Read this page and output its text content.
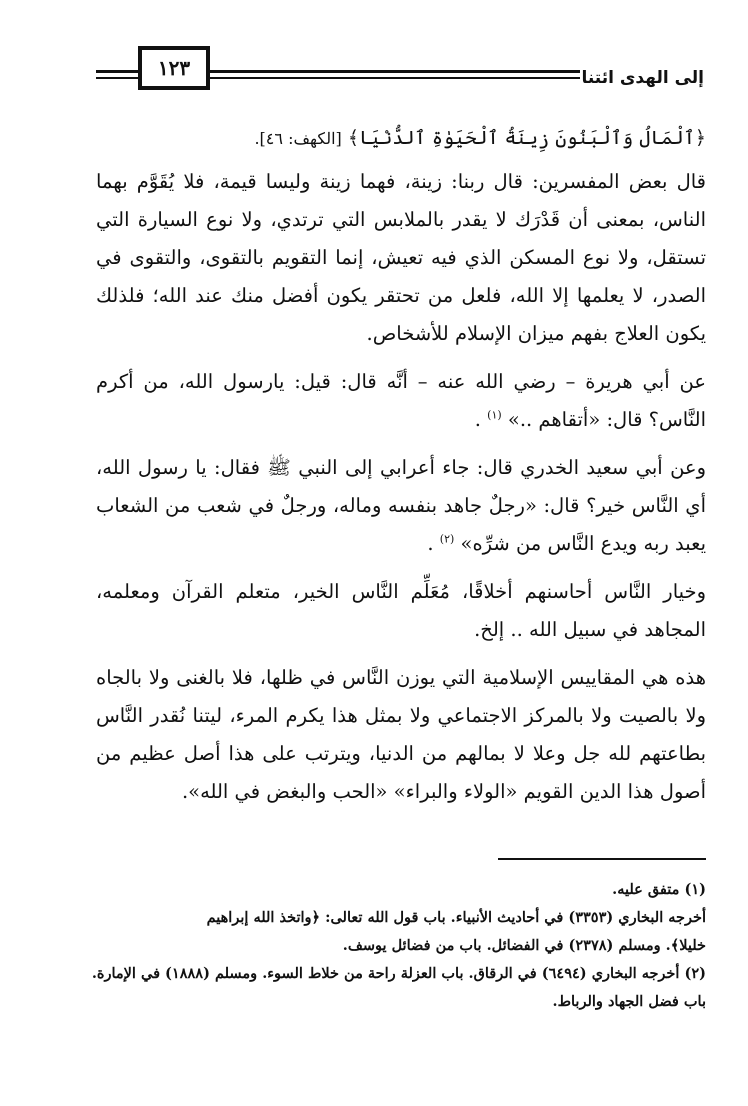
إلى الهدى ائتنا
١٢٣

﴿ٱلْمَالُ وَٱلْبَنُونَ زِينَةُ ٱلْحَيَوٰةِ ٱلدُّنْيَا﴾ [الكهف: ٤٦].

قال بعض المفسرين: قال ربنا: زينة، فهما زينة وليسا قيمة، فلا يُقَوَّم بهما الناس، بمعنى أن قَدْرَك لا يقدر بالملابس التي ترتدي، ولا نوع السيارة التي تستقل، ولا نوع المسكن الذي فيه تعيش، إنما التقويم بالتقوى، والتقوى في الصدر، لا يعلمها إلا الله، فلعل من تحتقر يكون أفضل منك عند الله؛ فلذلك يكون العلاج بفهم ميزان الإسلام للأشخاص.

عن أبي هريرة – رضي الله عنه – أنَّه قال: قيل: يارسول الله، من أكرم النَّاس؟ قال: «أتقاهم ..» $^{(١)}$ .

وعن أبي سعيد الخدري قال: جاء أعرابي إلى النبي ﷺ فقال: يا رسول الله، أي النَّاس خير؟ قال: «رجلٌ جاهد بنفسه وماله، ورجلٌ في شعب من الشعاب يعبد ربه ويدع النَّاس من شرِّه» $^{(٢)}$ .

وخيار النَّاس أحاسنهم أخلاقًا، مُعَلِّم النَّاس الخير، متعلم القرآن ومعلمه، المجاهد في سبيل الله .. إلخ.

هذه هي المقاييس الإسلامية التي يوزن النَّاس في ظلها، فلا بالغنى ولا بالجاه ولا بالصيت ولا بالمركز الاجتماعي ولا بمثل هذا يكرم المرء، ليتنا نُقدر النَّاس بطاعتهم لله جل وعلا لا بمالهم من الدنيا، ويترتب على هذا أصل عظيم من أصول هذا الدين القويم «الولاء والبراء» «الحب والبغض في الله».

(١) متفق عليه.

أخرجه البخاري (٣٣٥٣) في أحاديث الأنبياء. باب قول الله تعالى: ﴿واتخذ الله إبراهيم

خليلا﴾. ومسلم (٢٣٧٨) في الفضائل. باب من فضائل يوسف.

(٢) أخرجه البخاري (٦٤٩٤) في الرقاق. باب العزلة راحة من خلاط السوء. ومسلم (١٨٨٨) في الإمارة.

باب فضل الجهاد والرباط.
